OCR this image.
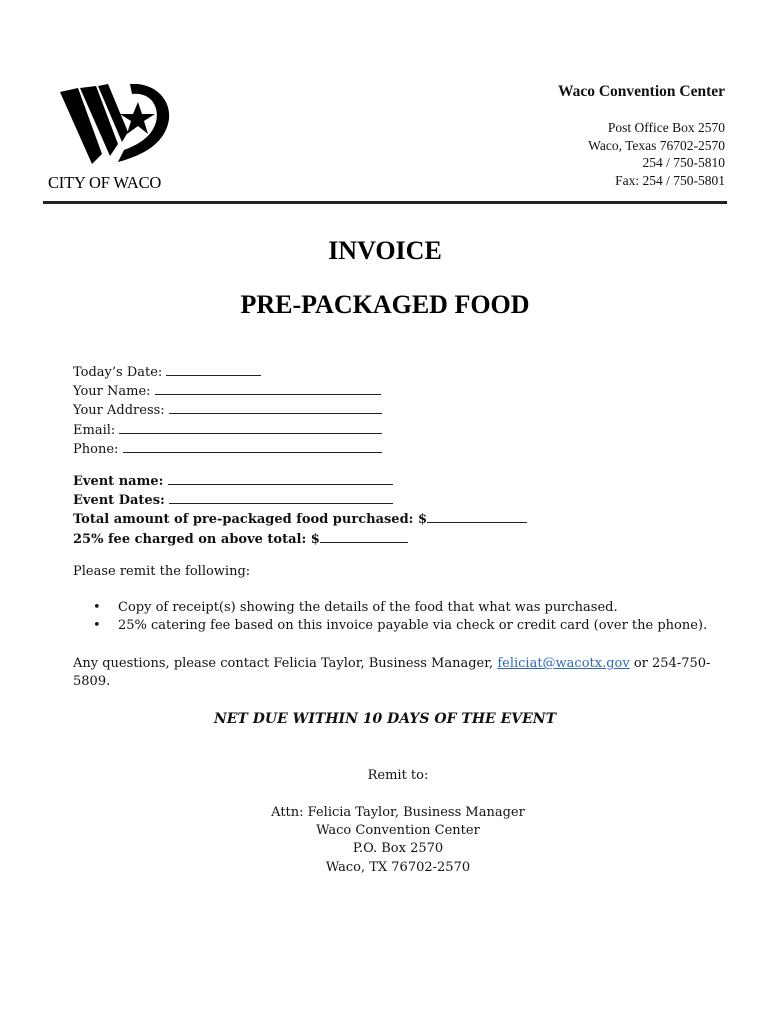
CITY OF WACO
Waco Convention Center
Post Office Box 2570
Waco, Texas 76702-2570
254 / 750-5810
Fax: 254 / 750-5801
INVOICE
PRE-PACKAGED FOOD
Today’s Date:
Your Name:
Your Address:
Email:
Phone:
Event name:
Event Dates:
Total amount of pre-packaged food purchased: $
25% fee charged on above total: $
Please remit the following:
• Copy of receipt(s) showing the details of the food that what was purchased.
• 25% catering fee based on this invoice payable via check or credit card (over the phone).
Any questions, please contact Felicia Taylor, Business Manager, feliciat@wacotx.gov or 254-750-5809.
NET DUE WITHIN 10 DAYS OF THE EVENT
Remit to:
Attn: Felicia Taylor, Business Manager
Waco Convention Center
P.O. Box 2570
Waco, TX 76702-2570
